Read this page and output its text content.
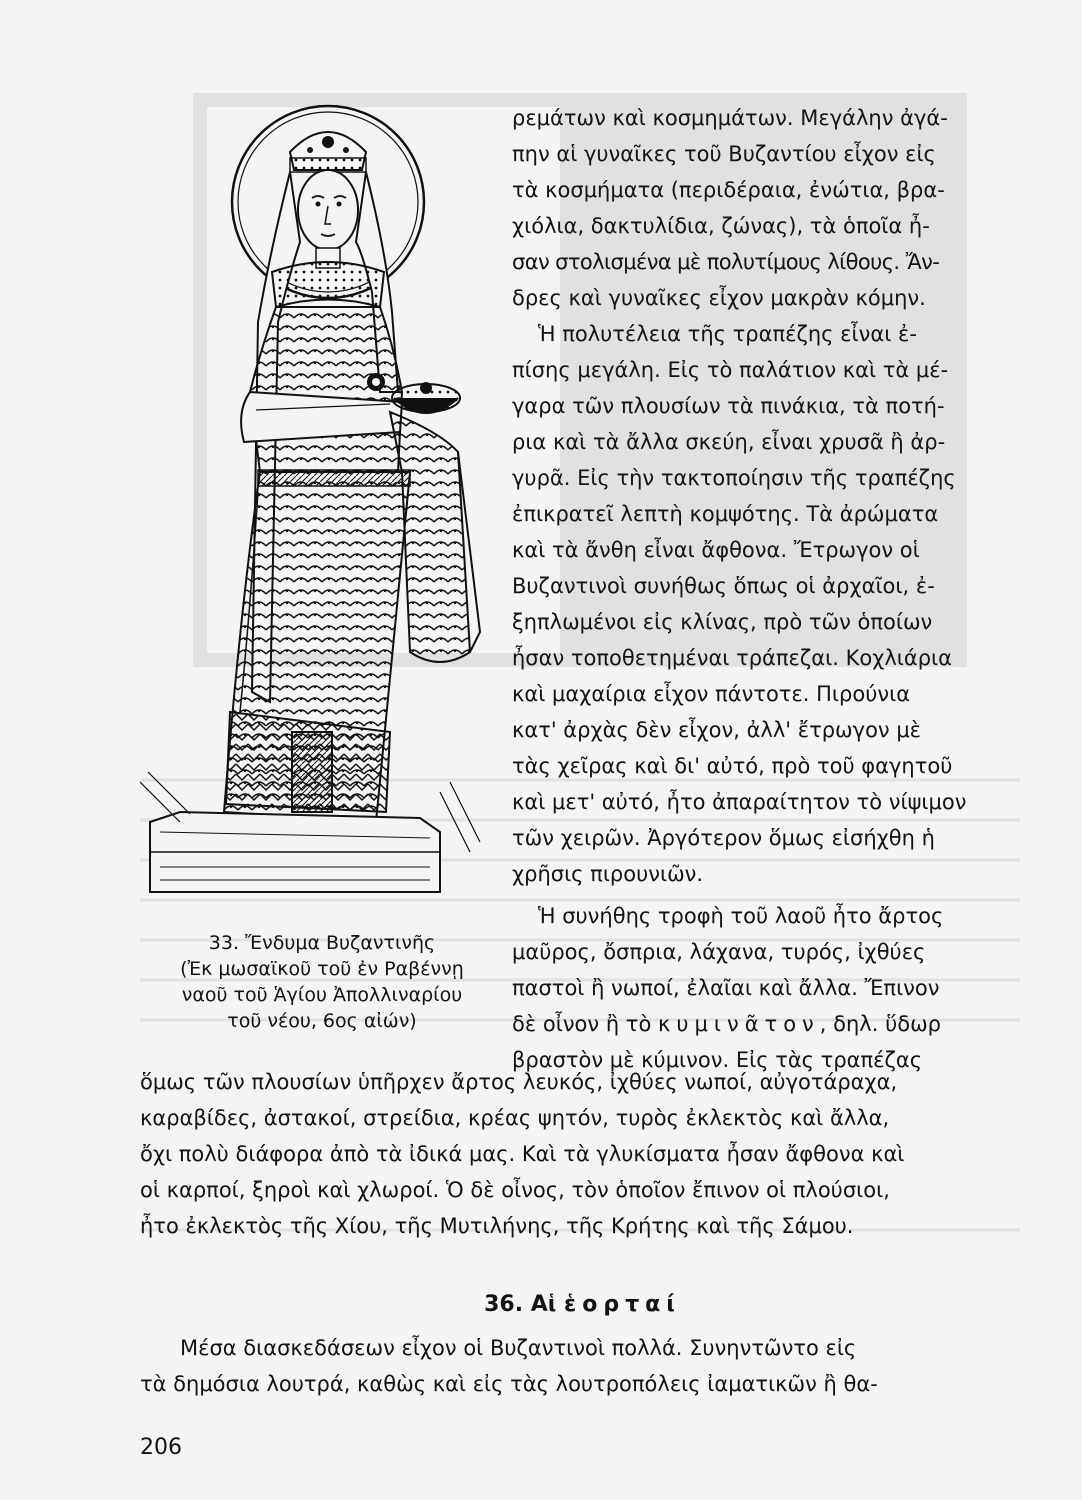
33. Ἔνδυμα Βυζαντινῆς
(Ἐκ μωσαϊκοῦ τοῦ ἐν Ραβέννῃ
ναοῦ τοῦ Ἁγίου Ἀπολλιναρίου
τοῦ νέου, 6ος αἰών)
ρεμάτων καὶ κοσμημάτων. Μεγάλην ἀγά-
πην αἱ γυναῖκες τοῦ Βυζαντίου εἶχον εἰς
τὰ κοσμήματα (περιδέραια, ἐνώτια, βρα-
χιόλια, δακτυλίδια, ζώνας), τὰ ὁποῖα ἦ-
σαν στολισμένα μὲ πολυτίμους λίθους. Ἄν-
δρες καὶ γυναῖκες εἶχον μακρὰν κόμην.
Ἡ πολυτέλεια τῆς τραπέζης εἶναι ἐ-
πίσης μεγάλη. Εἰς τὸ παλάτιον καὶ τὰ μέ-
γαρα τῶν πλουσίων τὰ πινάκια, τὰ ποτή-
ρια καὶ τὰ ἄλλα σκεύη, εἶναι χρυσᾶ ἢ ἀρ-
γυρᾶ. Εἰς τὴν τακτοποίησιν τῆς τραπέζης
ἐπικρατεῖ λεπτὴ κομψότης. Τὰ ἀρώματα
καὶ τὰ ἄνθη εἶναι ἄφθονα. Ἔτρωγον οἱ
Βυζαντινοὶ συνήθως ὅπως οἱ ἀρχαῖοι, ἐ-
ξηπλωμένοι εἰς κλίνας, πρὸ τῶν ὁποίων
ἦσαν τοποθετημέναι τράπεζαι. Κοχλιάρια
καὶ μαχαίρια εἶχον πάντοτε. Πιρούνια
κατ' ἀρχὰς δὲν εἶχον, ἀλλ' ἔτρωγον μὲ
τὰς χεῖρας καὶ δι' αὐτό, πρὸ τοῦ φαγητοῦ
καὶ μετ' αὐτό, ἦτο ἀπαραίτητον τὸ νίψιμον
τῶν χειρῶν. Ἀργότερον ὅμως εἰσήχθη ἡ
χρῆσις πιρουνιῶν.
Ἡ συνήθης τροφὴ τοῦ λαοῦ ἦτο ἄρτος
μαῦρος, ὄσπρια, λάχανα, τυρός, ἰχθύες
παστοὶ ἢ νωποί, ἐλαῖαι καὶ ἄλλα. Ἔπινον
δὲ οἶνον ἢ τὸ κυμινᾶτον, δηλ. ὕδωρ
βραστὸν μὲ κύμινον. Εἰς τὰς τραπέζας
ὅμως τῶν πλουσίων ὑπῆρχεν ἄρτος λευκός, ἰχθύες νωποί, αὐγοτάραχα,
καραβίδες, ἀστακοί, στρείδια, κρέας ψητόν, τυρὸς ἐκλεκτὸς καὶ ἄλλα,
ὄχι πολὺ διάφορα ἀπὸ τὰ ἰδικά μας. Καὶ τὰ γλυκίσματα ἦσαν ἄφθονα καὶ
οἱ καρποί, ξηροὶ καὶ χλωροί. Ὁ δὲ οἶνος, τὸν ὁποῖον ἔπινον οἱ πλούσιοι,
ἦτο ἐκλεκτὸς τῆς Χίου, τῆς Μυτιλήνης, τῆς Κρήτης καὶ τῆς Σάμου.
36. Αἱ ἑορταί
Μέσα διασκεδάσεων εἶχον οἱ Βυζαντινοὶ πολλά. Συνηντῶντο εἰς
τὰ δημόσια λουτρά, καθὼς καὶ εἰς τὰς λουτροπόλεις ἰαματικῶν ἢ θα-
206
